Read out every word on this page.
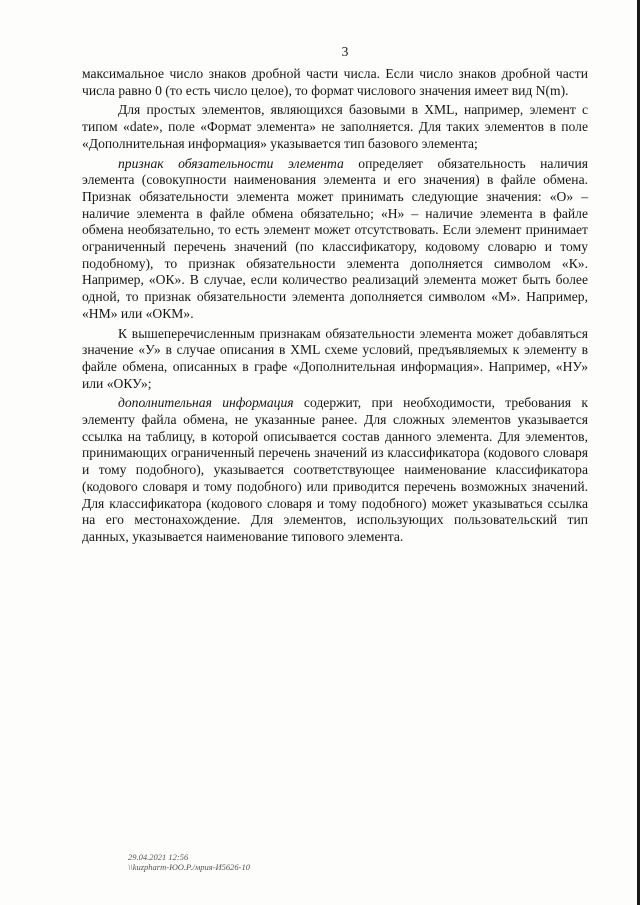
3

максимальное число знаков дробной части числа. Если число знаков дробной части числа равно 0 (то есть число целое), то формат числового значения имеет вид N(m).

Для простых элементов, являющихся базовыми в XML, например, элемент с типом «date», поле «Формат элемента» не заполняется. Для таких элементов в поле «Дополнительная информация» указывается тип базового элемента;

признак обязательности элемента определяет обязательность наличия элемента (совокупности наименования элемента и его значения) в файле обмена. Признак обязательности элемента может принимать следующие значения: «О» – наличие элемента в файле обмена обязательно; «Н» – наличие элемента в файле обмена необязательно, то есть элемент может отсутствовать. Если элемент принимает ограниченный перечень значений (по классификатору, кодовому словарю и тому подобному), то признак обязательности элемента дополняется символом «К». Например, «ОК». В случае, если количество реализаций элемента может быть более одной, то признак обязательности элемента дополняется символом «М». Например, «НМ» или «ОКМ».

К вышеперечисленным признакам обязательности элемента может добавляться значение «У» в случае описания в XML схеме условий, предъявляемых к элементу в файле обмена, описанных в графе «Дополнительная информация». Например, «НУ» или «ОКУ»;

дополнительная информация содержит, при необходимости, требования к элементу файла обмена, не указанные ранее. Для сложных элементов указывается ссылка на таблицу, в которой описывается состав данного элемента. Для элементов, принимающих ограниченный перечень значений из классификатора (кодового словаря и тому подобного), указывается соответствующее наименование классификатора (кодового словаря и тому подобного) или приводится перечень возможных значений. Для классификатора (кодового словаря и тому подобного) может указываться ссылка на его местонахождение. Для элементов, использующих пользовательский тип данных, указывается наименование типового элемента.

29.04.2021 12:56
\\kuzpharm-ЮО.Р./мрия-И5626-10
